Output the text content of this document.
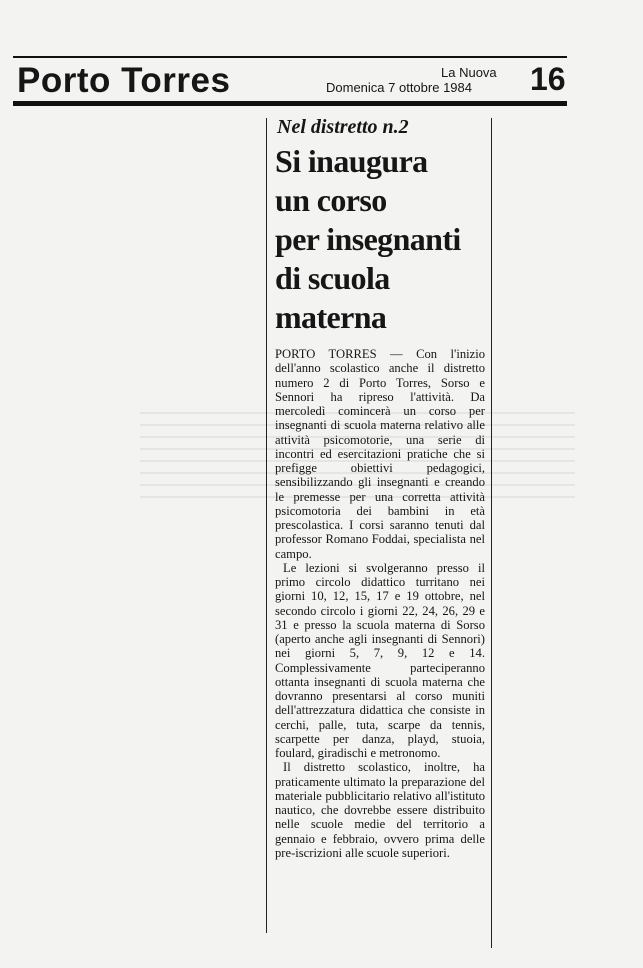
Porto Torres	La Nuova
Domenica 7 ottobre 1984 16
Nel distretto n.2
Si inaugura
un corso
per insegnanti
di scuola
materna

PORTO TORRES — Con l'inizio dell'anno scolastico anche il distretto numero 2 di Porto Torres, Sorso e Sennori ha ripreso l'attività. Da mercoledì comincerà un corso per insegnanti di scuola materna relativo alle attività psicomotorie, una serie di incontri ed esercitazioni pratiche che si prefigge obiettivi pedagogici, sensibilizzando gli insegnanti e creando le premesse per una corretta attività psicomotoria dei bambini in età prescolastica. I corsi saranno tenuti dal professor Romano Foddai, specialista nel campo.

Le lezioni si svolgeranno presso il primo circolo didattico turritano nei giorni 10, 12, 15, 17 e 19 ottobre, nel secondo circolo i giorni 22, 24, 26, 29 e 31 e presso la scuola materna di Sorso (aperto anche agli insegnanti di Sennori) nei giorni 5, 7, 9, 12 e 14. Complessivamente parteciperanno ottanta insegnanti di scuola materna che dovranno presentarsi al corso muniti dell'attrezzatura didattica che consiste in cerchi, palle, tuta, scarpe da tennis, scarpette per danza, playd, stuoia, foulard, giradischi e metronomo.

Il distretto scolastico, inoltre, ha praticamente ultimato la preparazione del materiale pubblicitario relativo all'istituto nautico, che dovrebbe essere distribuito nelle scuole medie del territorio a gennaio e febbraio, ovvero prima delle pre-iscrizioni alle scuole superiori.
